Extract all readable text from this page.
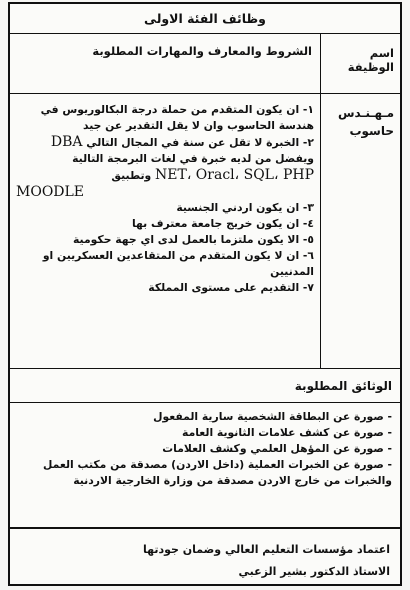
وظائف الفئة الاولى
اسم الوظيفة
الشروط والمعارف والمهارات المطلوبة
مـهـنـدس حاسوب
١- ان يكون المتقدم من حملة درجة البكالوريوس في هندسة الحاسوب وان لا يقل التقدير عن جيد
٢- الخبرة لا تقل عن سنة في المجال التالي DBA
ويفضل من لديه خبرة في لغات البرمجة التالية
NET، Oracl، SQL، PHP وتطبيق
MOODLE
٣- ان يكون اردني الجنسية
٤- ان يكون خريج جامعة معترف بها
٥- الا يكون ملتزما بالعمل لدى اي جهة حكومية
٦- ان لا يكون المتقدم من المتقاعدين العسكريين او المدنيين
٧- التقديم على مستوى المملكة
الوثائق المطلوبة
- صورة عن البطاقة الشخصية سارية المفعول
- صورة عن كشف علامات الثانوية العامة
- صورة عن المؤهل العلمي وكشف العلامات
- صورة عن الخبرات العملية (داخل الاردن) مصدقة من مكتب العمل والخبرات من خارج الاردن مصدقة من وزارة الخارجية الاردنية
اعتماد مؤسسات التعليم العالي وضمان جودتها
الاستاذ الدكتور بشير الزعبي
